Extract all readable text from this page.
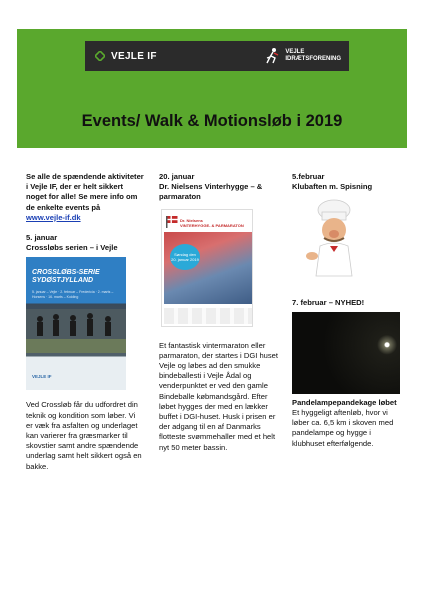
VEJLE IF	VEJLE
IDRÆTSFORENING
Events/ Walk & Motionsløb i 2019
Se alle de spændende aktiviteter i Vejle IF, der er helt sikkert noget for alle! Se mere info om de enkelte events på
www.vejle-if.dk
5. januar
Crossløbs serien – i Vejle
CROSSLØBS-SERIE SYDØSTJYLLAND
5. januar – Vejle · 2. februar – Fredericia · 2. marts – Horsens · 16. marts – Kolding
VEJLE IF
Ved Crossløb får du udfordret din teknik og kondition som løber. Vi er væk fra asfalten og underlaget kan varierer fra græsmarker til skovstier samt andre spændende underlag samt helt sikkert også en bakke.
20. januar
Dr. Nielsens Vinterhygge – & parmaraton
Dr. Nielsens
VINTERHYGGE- & PARMARATON
Søndag den
20. januar 2019
Et fantastisk vintermaraton eller parmaraton, der startes i DGI huset Vejle og løbes ad den smukke bindeballesti i Vejle Ådal og venderpunktet er ved den gamle Bindeballe købmandsgård. Efter løbet hygges der med en lækker buffet i DGI-huset. Husk i prisen er der adgang til en af Danmarks flotteste svømmehaller med et helt nyt 50 meter bassin.
5.februar
Klubaften m. Spisning
7. februar – NYHED!
Pandelampepandekage løbet
Et hyggeligt aftenløb, hvor vi løber ca. 6,5 km i skoven med pandelampe og hygge i klubhuset efterfølgende.
